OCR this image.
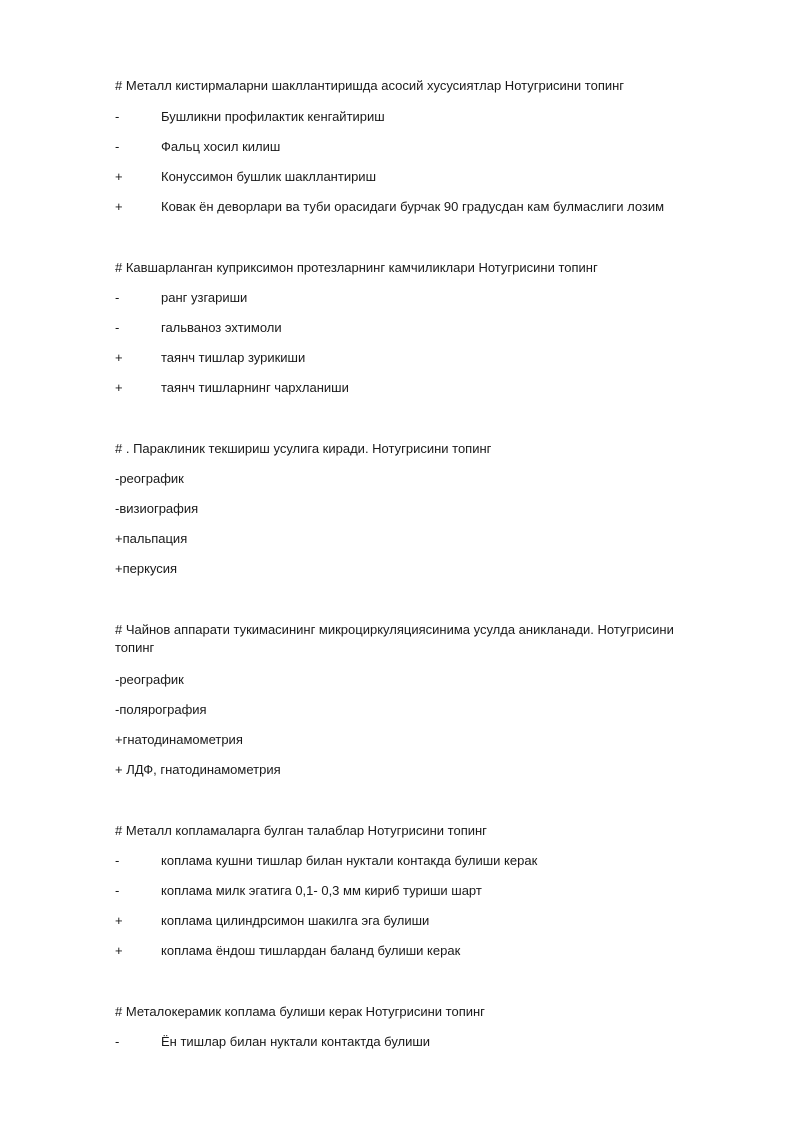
# Металл кистирмаларни шакллантиришда асосий хусусиятлар Нотугрисини топинг
-	Бушликни профилактик кенгайтириш
-	Фальц хосил килиш
+	Конуссимон бушлик шакллантириш
+	Ковак ён деворлари ва туби орасидаги бурчак 90 градусдан кам булмаслиги лозим
# Кавшарланган куприксимон протезларнинг камчиликлари Нотугрисини топинг
-	ранг узгариши
-	гальваноз эхтимоли
+	таянч тишлар зурикиши
+	таянч тишларнинг чархланиши
# . Параклиник текшириш усулига киради. Нотугрисини топинг
-реографик
-визиография
+пальпация
+перкусия
# Чайнов аппарати тукимасининг микроциркуляциясинима усулда аникланади. Нотугрисини топинг
-реографик
-полярография
+гнатодинамометрия
+ ЛДФ, гнатодинамометрия
# Металл копламаларга булган талаблар Нотугрисини топинг
-	коплама кушни тишлар билан нуктали контакда булиши керак
-	коплама милк эгатига 0,1- 0,3 мм кириб туриши шарт
+	коплама цилиндрсимон шакилга эга булиши
+	коплама ёндош тишлардан баланд булиши керак
# Металокерамик коплама булиши керак Нотугрисини топинг
-	Ён тишлар билан нуктали контактда булиши
